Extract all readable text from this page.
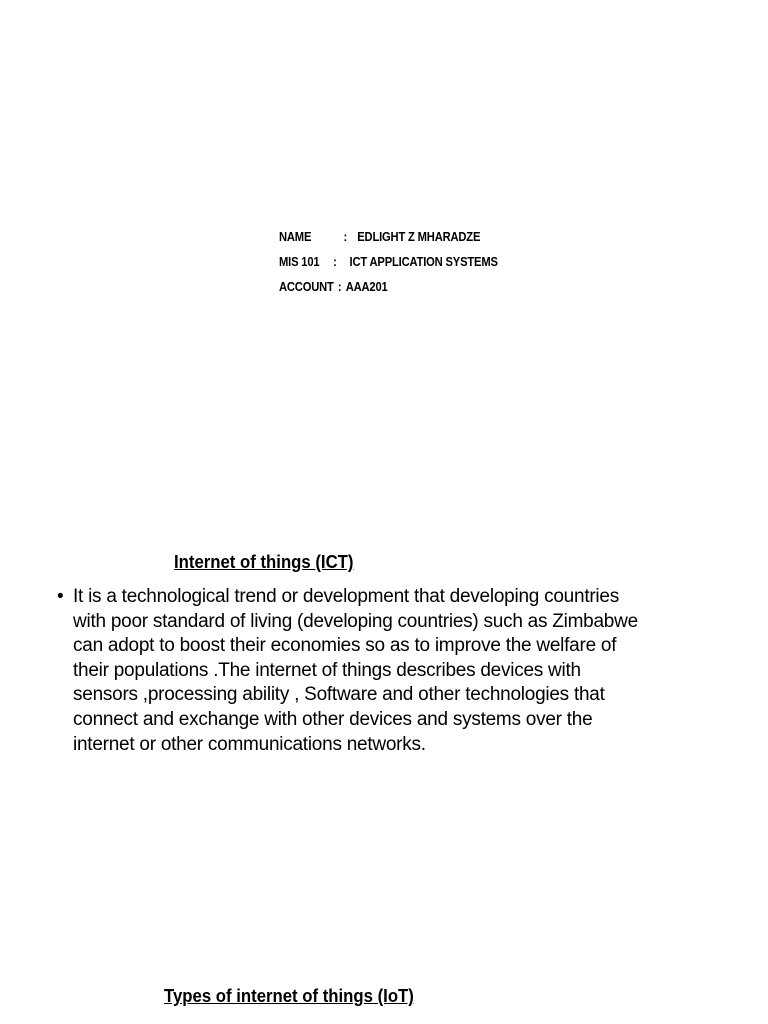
NAME : EDLIGHT Z MHARADZE
MIS 101 : ICT APPLICATION SYSTEMS
ACCOUNT : AAA201
Internet of things (ICT)
• It is a technological trend or development that developing countries
with poor standard of living (developing countries) such as Zimbabwe
can adopt to boost their economies so as to improve the welfare of
their populations .The internet of things describes devices with
sensors ,processing ability , Software and other technologies that
connect and exchange with other devices and systems over the
internet or other communications networks.
Types of internet of things (IoT)
